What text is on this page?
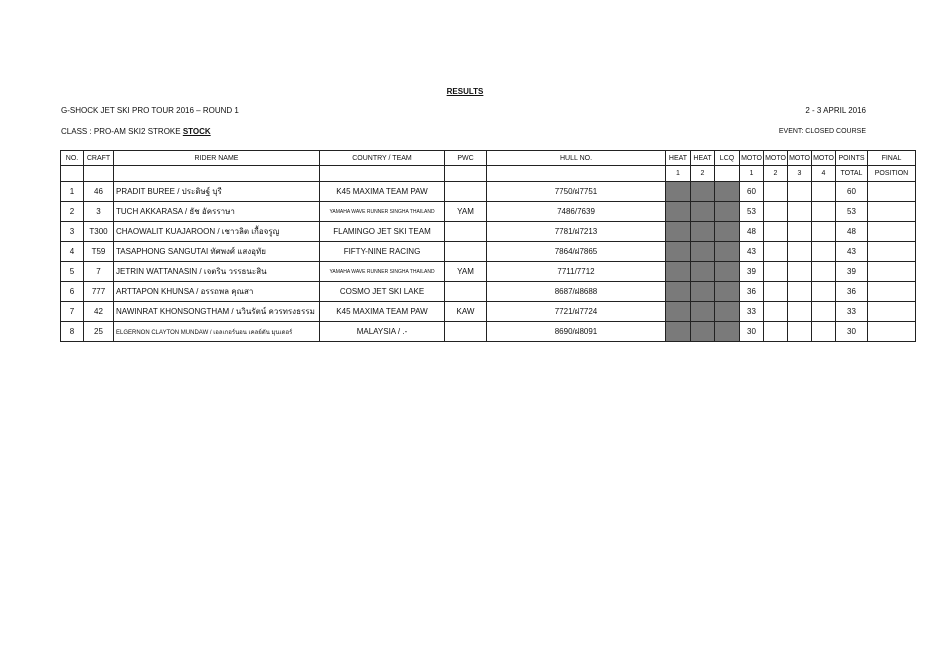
RESULTS
G-SHOCK JET SKI PRO TOUR 2016 – ROUND 1	2 - 3 APRIL 2016
CLASS : PRO-AM SKI2 STROKE STOCK	EVENT: CLOSED COURSE
NO.	CRAFT	RIDER NAME	COUNTRY / TEAM	PWC	HULL NO.	HEAT	HEAT	LCQ	MOTO	MOTO	MOTO	MOTO	POINTS	FINAL
						1	2		1	2	3	4	TOTAL	POSITION
1	46	PRADIT BUREE / ประดิษฐ์ บุรี	K45 MAXIMA TEAM PAW		7750/ฝ7751				60				60	
2	3	TUCH AKKARASA / ธัช อัครราษา	YAMAHA WAVE RUNNER SINGHA THAILAND	YAM	7486/7639				53				53	
3	T300	CHAOWALIT KUAJAROON / เชาวลิต เกื้อจรูญ	FLAMINGO JET SKI TEAM		7781/ฝ7213				48				48	
4	T59	TASAPHONG SANGUTAI ทัศพงศ์ แสงอุทัย	FIFTY-NINE RACING		7864/ฝ7865				43				43	
5	7	JETRIN WATTANASIN / เจตริน วรรธนะสิน	YAMAHA WAVE RUNNER SINGHA THAILAND	YAM	7711/7712				39				39	
6	777	ARTTAPON KHUNSA / อรรถพล คุณสา	COSMO JET SKI LAKE		8687/ฝ8688				36				36	
7	42	NAWINRAT KHONSONGTHAM / นวินรัตน์ ควรทรงธรรม	K45 MAXIMA TEAM PAW	KAW	7721/ฝ7724				33				33	
8	25	ELGERNON CLAYTON MUNDAW / เอลเกอร์นอน เคลย์ตัน มุนเดอร์	MALAYSIA / .-		8690/ฝ8091				30				30	
